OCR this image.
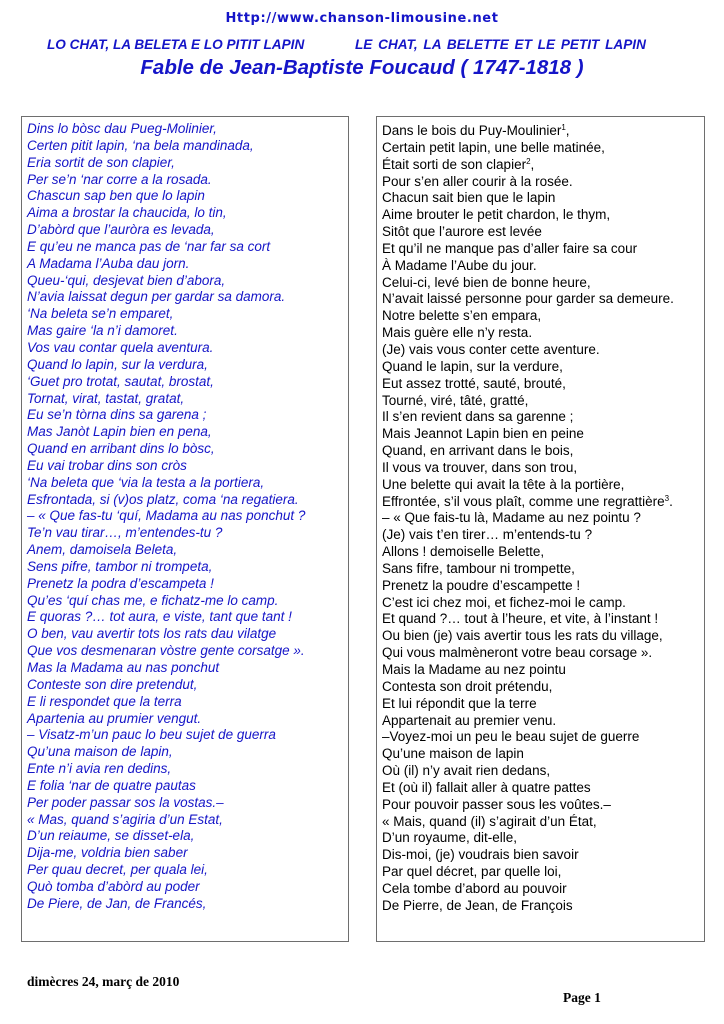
Http://www.chanson-limousine.net
LO CHAT, LA BELETA E LO PITIT LAPIN	LE CHAT, LA BELETTE ET LE PETIT LAPIN
Fable de Jean-Baptiste Foucaud ( 1747-1818 )
Dins lo bòsc dau Pueg-Molinier,
Certen pitit lapin, ‘na bela mandinada,
Eria sortit de son clapier,
Per se’n ‘nar corre a la rosada.
Chascun sap ben que lo lapin
Aima a brostar la chaucida, lo tin,
D’abòrd que l’auròra es levada,
E qu’eu ne manca pas de ‘nar far sa cort
A Madama l’Auba dau jorn.
Queu-‘qui, desjevat bien d’abora,
N’avia laissat degun per gardar sa damora.
‘Na beleta se’n emparet,
Mas gaire ‘la n’i damoret.
Vos vau contar quela aventura.
Quand lo lapin, sur la verdura,
‘Guet pro trotat, sautat, brostat,
Tornat, virat, tastat, gratat,
Eu se’n tòrna dins sa garena ;
Mas Janòt Lapin bien en pena,
Quand en arribant dins lo bòsc,
Eu vai trobar dins son cròs
‘Na beleta que ‘via la testa a la portiera,
Esfrontada, si (v)os platz, coma ‘na regatiera.
– « Que fas-tu ‘quí, Madama au nas ponchut ?
Te’n vau tirar…, m’entendes-tu ?
Anem, damoisela Beleta,
Sens pifre, tambor ni trompeta,
Prenetz la podra d’escampeta !
Qu’es ‘quí chas me, e fichatz-me lo camp.
E quoras ?… tot aura, e viste, tant que tant !
O ben, vau avertir tots los rats dau vilatge
Que vos desmenaran vòstre gente corsatge ».
Mas la Madama au nas ponchut
Conteste son dire pretendut,
E li respondet que la terra
Apartenia au prumier vengut.
– Visatz-m’un pauc lo beu sujet de guerra
Qu’una maison de lapin,
Ente n’i avia ren dedins,
E folia ‘nar de quatre pautas
Per poder passar sos la vostas.–
« Mas, quand s’agiria d’un Estat,
D’un reiaume, se disset-ela,
Dija-me, voldria bien saber
Per quau decret, per quala lei,
Quò tomba d’abòrd au poder
De Piere, de Jan, de Francés,
Dans le bois du Puy-Moulinier$^1$,
Certain petit lapin, une belle matinée,
Était sorti de son clapier$^2$,
Pour s’en aller courir à la rosée.
Chacun sait bien que le lapin
Aime brouter le petit chardon, le thym,
Sitôt que l’aurore est levée
Et qu’il ne manque pas d’aller faire sa cour
À Madame l’Aube du jour.
Celui-ci, levé bien de bonne heure,
N’avait laissé personne pour garder sa demeure.
Notre belette s’en empara,
Mais guère elle n’y resta.
(Je) vais vous conter cette aventure.
Quand le lapin, sur la verdure,
Eut assez trotté, sauté, brouté,
Tourné, viré, tâté, gratté,
Il s’en revient dans sa garenne ;
Mais Jeannot Lapin bien en peine
Quand, en arrivant dans le bois,
Il vous va trouver, dans son trou,
Une belette qui avait la tête à la portière,
Effrontée, s’il vous plaît, comme une regrattière$^3$.
– « Que fais-tu là, Madame au nez pointu ?
(Je) vais t’en tirer… m’entends-tu ?
Allons ! demoiselle Belette,
Sans fifre, tambour ni trompette,
Prenetz la poudre d’escampette !
C’est ici chez moi, et fichez-moi le camp.
Et quand ?… tout à l’heure, et vite, à l’instant !
Ou bien (je) vais avertir tous les rats du village,
Qui vous malmèneront votre beau corsage ».
Mais la Madame au nez pointu
Contesta son droit prétendu,
Et lui répondit que la terre
Appartenait au premier venu.
–Voyez-moi un peu le beau sujet de guerre
Qu’une maison de lapin
Où (il) n’y avait rien dedans,
Et (où il) fallait aller à quatre pattes
Pour pouvoir passer sous les voûtes.–
« Mais, quand (il) s’agirait d’un État,
D’un royaume, dit-elle,
Dis-moi, (je) voudrais bien savoir
Par quel décret, par quelle loi,
Cela tombe d’abord au pouvoir
De Pierre, de Jean, de François
dimècres 24, març de 2010
Page 1
